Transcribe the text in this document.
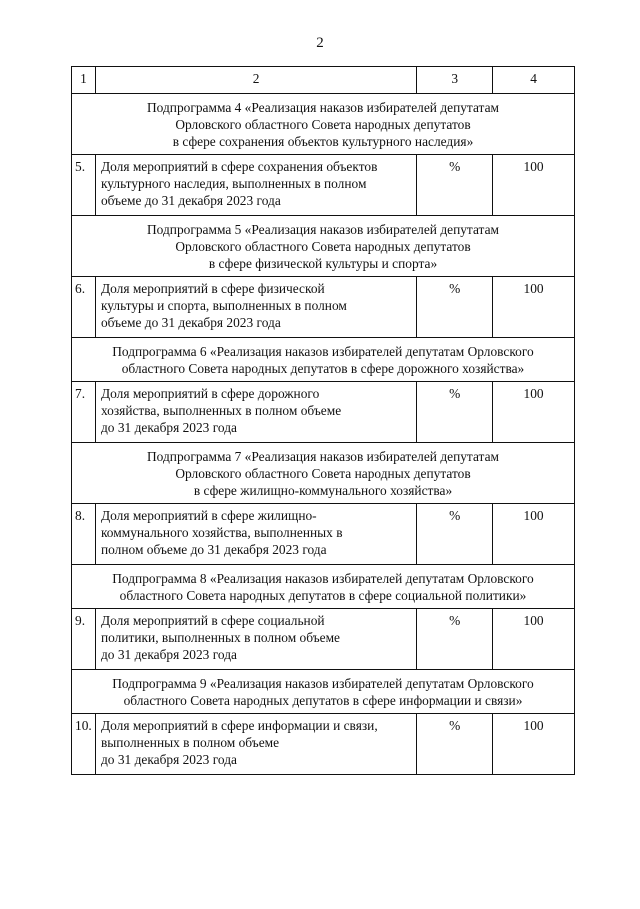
2
1	2	3	4
Подпрограмма 4 «Реализация наказов избирателей депутатам
Орловского областного Совета народных депутатов
в сфере сохранения объектов культурного наследия»			
5.	Доля мероприятий в сфере сохранения объектов
культурного наследия, выполненных в полном
объеме до 31 декабря 2023 года	%	100
Подпрограмма 5 «Реализация наказов избирателей депутатам
Орловского областного Совета народных депутатов
в сфере физической культуры и спорта»			
6.	Доля мероприятий в сфере физической
культуры и спорта, выполненных в полном
объеме до 31 декабря 2023 года	%	100
Подпрограмма 6 «Реализация наказов избирателей депутатам Орловского
областного Совета народных депутатов в сфере дорожного хозяйства»			
7.	Доля мероприятий в сфере дорожного
хозяйства, выполненных в полном объеме
до 31 декабря 2023 года	%	100
Подпрограмма 7 «Реализация наказов избирателей депутатам
Орловского областного Совета народных депутатов
в сфере жилищно-коммунального хозяйства»			
8.	Доля мероприятий в сфере жилищно-
коммунального хозяйства, выполненных в
полном объеме до 31 декабря 2023 года	%	100
Подпрограмма 8 «Реализация наказов избирателей депутатам Орловского
областного Совета народных депутатов в сфере социальной политики»			
9.	Доля мероприятий в сфере социальной
политики, выполненных в полном объеме
до 31 декабря 2023 года	%	100
Подпрограмма 9 «Реализация наказов избирателей депутатам Орловского
областного Совета народных депутатов в сфере информации и связи»			
10.	Доля мероприятий в сфере информации и связи,
выполненных в полном объеме
до 31 декабря 2023 года	%	100
